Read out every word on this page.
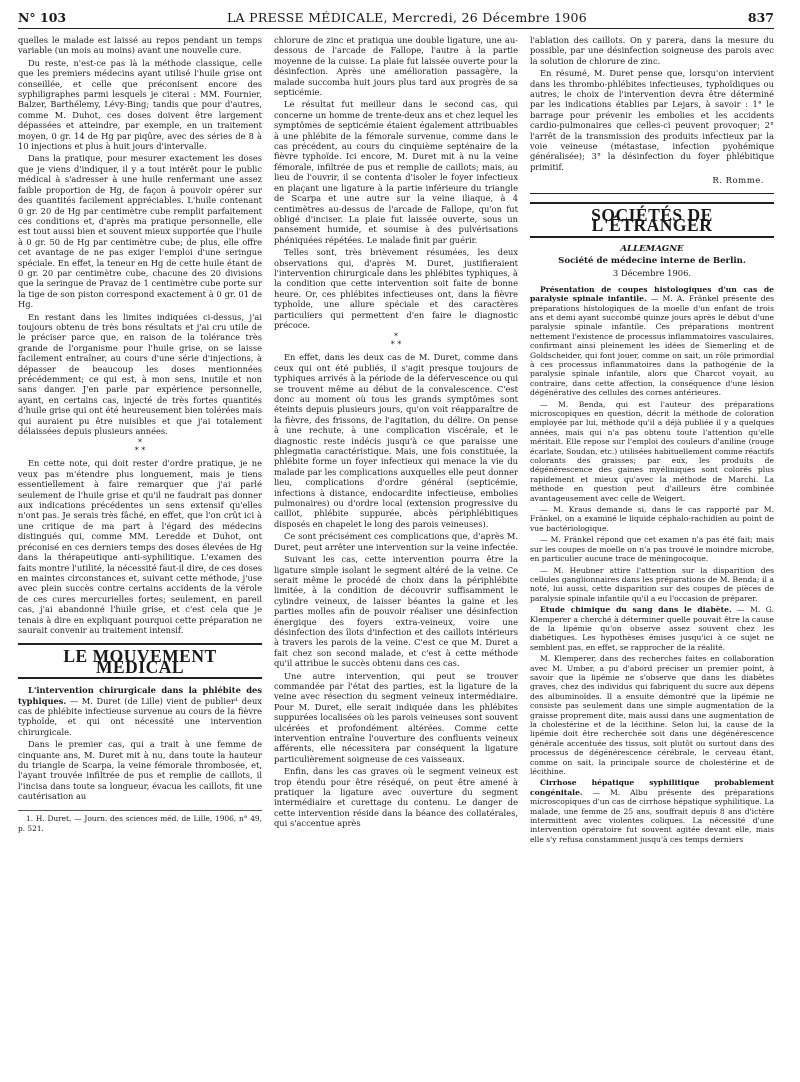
N° 103	LA PRESSE MÉDICALE, Mercredi, 26 Décembre 1906	837

quelles le malade est laissé au repos pendant un temps variable (un mois au moins) avant une nouvelle cure.

Du reste, n'est-ce pas là la méthode classique, celle que les premiers médecins ayant utilisé l'huile grise ont conseillée, et celle que préconisent encore des syphiligraphes parmi lesquels je citerai : MM. Fournier, Balzer, Barthélemy, Lévy-Bing; tandis que pour d'autres, comme M. Duhot, ces doses doivent être largement dépassées et atteindre, par exemple, en un traitement moyen, 0 gr. 14 de Hg par piqûre, avec des séries de 8 à 10 injections et plus à huit jours d'intervalle.

Dans la pratique, pour mesurer exactement les doses que je viens d'indiquer, il y a tout intérêt pour le public médical à s'adresser à une huile renfermant une assez faible proportion de Hg, de façon à pouvoir opérer sur des quantités facilement appréciables. L'huile contenant 0 gr. 20 de Hg par centimètre cube remplit parfaitement ces conditions et, d'après ma pratique personnelle, elle est tout aussi bien et souvent mieux supportée que l'huile à 0 gr. 50 de Hg par centimètre cube; de plus, elle offre cet avantage de ne pas exiger l'emploi d'une seringue spéciale. En effet, la teneur en Hg de cette huile étant de 0 gr. 20 par centimètre cube, chacune des 20 divisions que la seringue de Pravaz de 1 centimètre cube porte sur la tige de son piston correspond exactement à 0 gr. 01 de Hg.

En restant dans les limites indiquées ci-dessus, j'ai toujours obtenu de très bons résultats et j'ai cru utile de le préciser parce que, en raison de la tolérance très grande de l'organisme pour l'huile grise, on se laisse facilement entraîner, au cours d'une série d'injections, à dépasser de beaucoup les doses mentionnées précédemment; ce qui est, à mon sens, inutile et non sans danger. J'en parle par expérience personnelle, ayant, en certains cas, injecté de très fortes quantités d'huile grise qui ont été heureusement bien tolérées mais qui auraient pu être nuisibles et que j'ai totalement délaissées depuis plusieurs années.

*
* *

En cette note, qui doit rester d'ordre pratique, je ne veux pas m'étendre plus longuement, mais je tiens essentiellement à faire remarquer que j'ai parlé seulement de l'huile grise et qu'il ne faudrait pas donner aux indications précédentes un sens extensif qu'elles n'ont pas. Je serais très fâché, en effet, que l'on crût ici à une critique de ma part à l'égard des médecins distingués qui, comme MM. Leredde et Duhot, ont préconisé en ces derniers temps des doses élevées de Hg dans la thérapeutique anti-syphilitique. L'examen des faits montre l'utilité, la nécessité faut-il dire, de ces doses en maintes circonstances et, suivant cette méthode, j'use avec plein succès contre certains accidents de la vérole de ces cures mercurielles fortes; seulement, en pareil cas, j'ai abandonné l'huile grise, et c'est cela que je tenais à dire en expliquant pourquoi cette préparation ne saurait convenir au traitement intensif.

LE MOUVEMENT MÉDICAL

L'intervention chirurgicale dans la phlébite des typhiques. — M. Duret (de Lille) vient de publier¹ deux cas de phlébite infectieuse survenue au cours de la fièvre typhoïde, et qui ont nécessité une intervention chirurgicale.

Dans le premier cas, qui a trait à une femme de cinquante ans, M. Duret mit à nu, dans toute la hauteur du triangle de Scarpa, la veine fémorale thrombosée, et, l'ayant trouvée infiltrée de pus et remplie de caillots, il l'incisa dans toute sa longueur, évacua les caillots, fit une cautérisation au

1. H. Duret. — Journ. des sciences méd. de Lille, 1906, n° 49, p. 521.

chlorure de zinc et pratiqua une double ligature, une au-dessous de l'arcade de Fallope, l'autre à la partie moyenne de la cuisse. La plaie fut laissée ouverte pour la désinfection. Après une amélioration passagère, la malade succomba huit jours plus tard aux progrès de sa septicémie.

Le résultat fut meilleur dans le second cas, qui concerne un homme de trente-deux ans et chez lequel les symptômes de septicémie étaient également attribuables à une phlébite de la fémorale survenue, comme dans le cas précédent, au cours du cinquième septénaire de la fièvre typhoïde. Ici encore, M. Duret mit à nu la veine fémorale, infiltrée de pus et remplie de caillots; mais, au lieu de l'ouvrir, il se contenta d'isoler le foyer infectieux en plaçant une ligature à la partie inférieure du triangle de Scarpa et une autre sur la veine iliaque, à 4 centimètres au-dessus de l'arcade de Fallope, qu'on fut obligé d'inciser. La plaie fut laissée ouverte, sous un pansement humide, et soumise à des pulvérisations phéniquées répétées. Le malade finit par guérir.

Telles sont, très brièvement résumées, les deux observations qui, d'après M. Duret, justifieraient l'intervention chirurgicale dans les phlébites typhiques, à la condition que cette intervention soit faite de bonne heure. Or, ces phlébites infectieuses ont, dans la fièvre typhoïde, une allure spéciale et des caractères particuliers qui permettent d'en faire le diagnostic précoce.

*
* *

En effet, dans les deux cas de M. Duret, comme dans ceux qui ont été publiés, il s'agit presque toujours de typhiques arrivés à la période de la défervescence ou qui se trouvent même au début de la convalescence. C'est donc au moment où tous les grands symptômes sont éteints depuis plusieurs jours, qu'on voit réapparaître de la fièvre, des frissons, de l'agitation, du délire. On pense à une rechute, à une complication viscérale, et le diagnostic reste indécis jusqu'à ce que paraisse une phlegmatia caractéristique. Mais, une fois constituée, la phlébite forme un foyer infectieux qui menace la vie du malade par les complications auxquelles elle peut donner lieu, complications d'ordre général (septicémie, infections à distance, endocardite infectieuse, embolies pulmonaires) ou d'ordre local (extension progressive du caillot, phlébite suppurée, abcès périphlébitiques disposés en chapelet le long des parois veineuses).

Ce sont précisément ces complications que, d'après M. Duret, peut arrêter une intervention sur la veine infectée.

Suivant les cas, cette intervention pourra être la ligature simple isolant le segment altéré de la veine. Ce serait même le procédé de choix dans la périphlébite limitée, à la condition de découvrir suffisamment le cylindre veineux, de laisser béantes la gaine et les parties molles afin de pouvoir réaliser une désinfection énergique des foyers extra-veineux, voire une désinfection des îlots d'infection et des caillots intérieurs à travers les parois de la veine. C'est ce que M. Duret a fait chez son second malade, et c'est à cette méthode qu'il attribue le succès obtenu dans ces cas.

Une autre intervention, qui peut se trouver commandée par l'état des parties, est la ligature de la veine avec résection du segment veineux intermédiaire. Pour M. Duret, elle serait indiquée dans les phlébites suppurées localisées où les parois veineuses sont souvent ulcérées et profondément altérées. Comme cette intervention entraîne l'ouverture des confluents veineux afférents, elle nécessitera par conséquent la ligature particulièrement soigneuse de ces vaisseaux.

Enfin, dans les cas graves où le segment veineux est trop étendu pour être réséqué, on peut être amené à pratiquer la ligature avec ouverture du segment intermédiaire et curettage du contenu. Le danger de cette intervention réside dans la béance des collatérales, qui s'accentue après

l'ablation des caillots. On y parera, dans la mesure du possible, par une désinfection soigneuse des parois avec la solution de chlorure de zinc.

En résumé, M. Duret pense que, lorsqu'on intervient dans les thrombo-phlébites infectieuses, typhoïdiques ou autres, le choix de l'intervention devra être déterminé par les indications établies par Lejars, à savoir : 1° le barrage pour prévenir les embolies et les accidents cardio-pulmonaires que celles-ci peuvent provoquer; 2° l'arrêt de la transmission des produits infectieux par la voie veineuse (métastase, infection pyohémique généralisée); 3° la désinfection du foyer phlébitique primitif.

R. Romme.
SOCIÉTÉS DE L'ÉTRANGER
ALLEMAGNE
Société de médecine interne de Berlin.
3 Décembre 1906.

Présentation de coupes histologiques d'un cas de paralysie spinale infantile. — M. A. Fränkel présente des préparations histologiques de la moelle d'un enfant de trois ans et demi ayant succombé quinze jours après le début d'une paralysie spinale infantile. Ces préparations montrent nettement l'existence de processus inflammatoires vasculaires, confirmant ainsi pleinement les idées de Siemerling et de Goldscheider, qui font jouer, comme on sait, un rôle primordial à ces processus inflammatoires dans la pathogénie de la paralysie spinale infantile, alors que Charcot voyait, au contraire, dans cette affection, la conséquence d'une lésion dégénérative des cellules des cornes antérieures.

— M. Benda, qui est l'auteur des préparations microscopiques en question, décrit la méthode de coloration employée par lui, méthode qu'il a déjà publiée il y a quelques années, mais qui n'a pas obtenu toute l'attention qu'elle méritait. Elle repose sur l'emploi des couleurs d'aniline (rouge écarlate, Soudan, etc.) utilisées habituellement comme réactifs colorants des graisses; par eux, les produits de dégénérescence des gaines myéliniques sont colorés plus rapidement et mieux qu'avec la méthode de Marchi. La méthode en question peut d'ailleurs être combinée avantageusement avec celle de Weigert.

— M. Kraus demande si, dans le cas rapporté par M. Fränkel, on a examiné le liquide céphalo-rachidien au point de vue bactériologique.

— M. Fränkel répond que cet examen n'a pas été fait; mais sur les coupes de moelle on n'a pas trouvé le moindre microbe, en particulier aucune trace de méningocoque.

— M. Heubner attire l'attention sur la disparition des cellules ganglionnaires dans les préparations de M. Benda; il a noté, lui aussi, cette disparition sur des coupes de pièces de paralysie spinale infantile qu'il a eu l'occasion de préparer.

Etude chimique du sang dans le diabète. — M. G. Klemperer a cherché à déterminer quelle pouvait être la cause de la lipémie qu'on observe assez souvent chez les diabétiques. Les hypothèses émises jusqu'ici à ce sujet ne semblent pas, en effet, se rapprocher de la réalité.

M. Klemperer, dans des recherches faites en collaboration avec M. Umber, a pu d'abord préciser un premier point, à savoir que la lipémie ne s'observe que dans les diabètes graves, chez des individus qui fabriquent du sucre aux dépens des albuminoïdes. Il a ensuite démontré que la lipémie ne consiste pas seulement dans une simple augmentation de la graisse proprement dite, mais aussi dans une augmentation de la cholestérine et de la lécithine. Selon lui, la cause de la lipémie doit être recherchée soit dans une dégénérescence générale accentuée des tissus, soit plutôt ou surtout dans des processus de dégénérescence cérébrale, le cerveau étant, comme on sait, la principale source de cholestérine et de lécithine.

Cirrhose hépatique syphilitique probablement congénitale. — M. Albu présente des préparations microscopiques d'un cas de cirrhose hépatique syphilitique. La malade, une femme de 25 ans, souffrait depuis 8 ans d'ictère intermittent avec violentes coliques. La nécessité d'une intervention opératoire fut souvent agitée devant elle, mais elle s'y refusa constamment jusqu'à ces temps derniers
